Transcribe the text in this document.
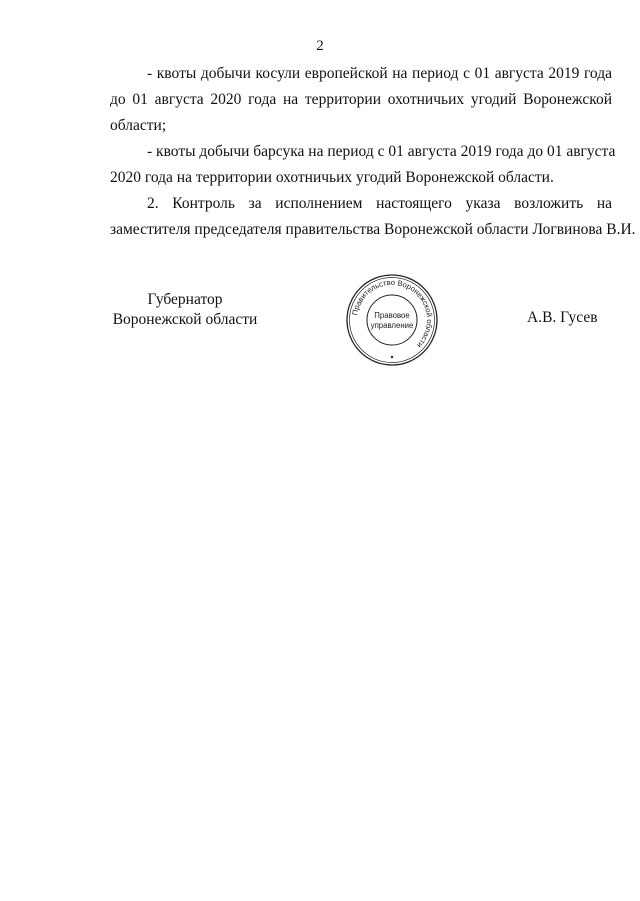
2
- квоты добычи косули европейской на период с 01 августа 2019 года
до 01 августа 2020 года на территории охотничьих угодий Воронежской
области;
- квоты добычи барсука на период с 01 августа 2019 года до 01 августа
2020 года на территории охотничьих угодий Воронежской области.
2. Контроль за исполнением настоящего указа возложить на
заместителя председателя правительства Воронежской области Логвинова В.И.
Губернатор
Воронежской области	Правительство Воронежской области
Правовое
управление	А.В. Гусев
